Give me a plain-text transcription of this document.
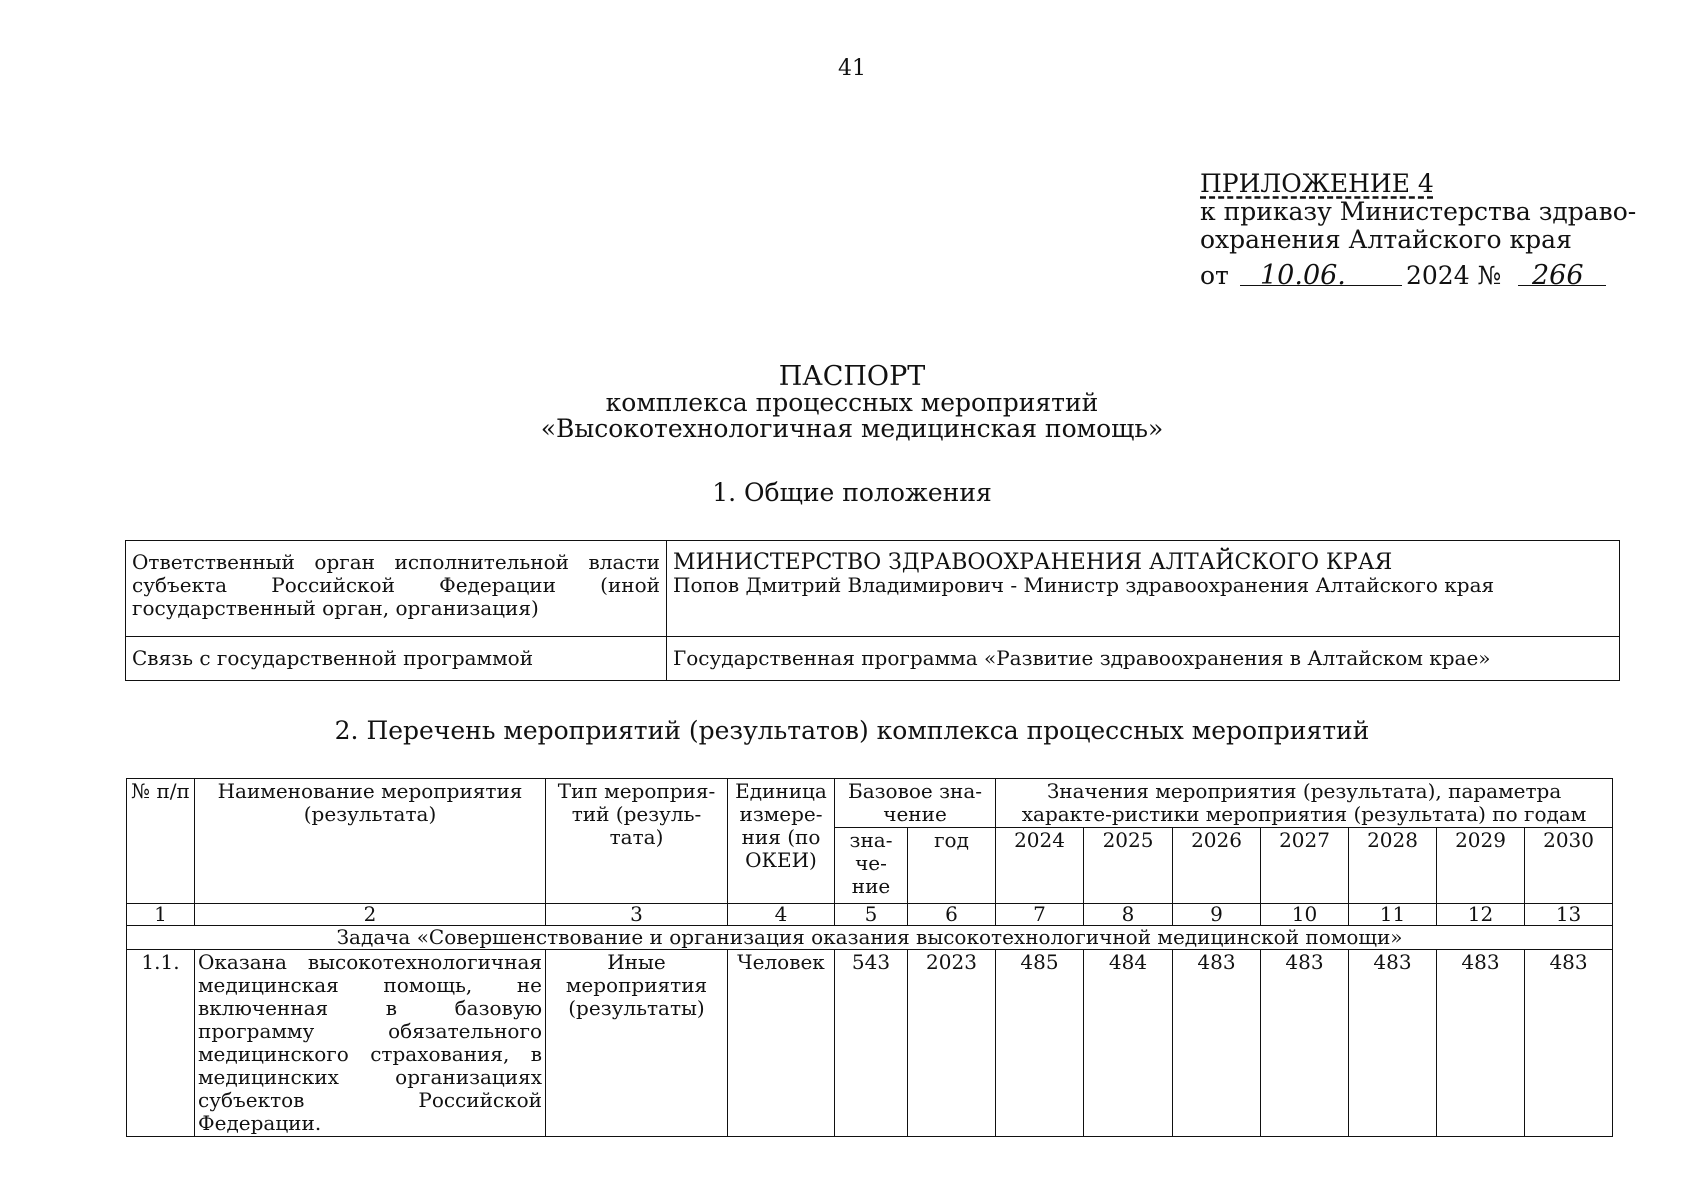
41
ПРИЛОЖЕНИЕ 4
к приказу Министерства здраво-
охранения Алтайского края
от 10.06. 2024 № 266
ПАСПОРТ
комплекса процессных мероприятий
«Высокотехнологичная медицинская помощь»
1. Общие положения
Ответственный орган исполнительной власти субъекта Российской Федерации (иной государственный орган, организация)	МИНИСТЕРСТВО ЗДРАВООХРАНЕНИЯ АЛТАЙСКОГО КРАЯ
Попов Дмитрий Владимирович - Министр здравоохранения Алтайского края

Связь с государственной программой	Государственная программа «Развитие здравоохранения в Алтайском крае»
2. Перечень мероприятий (результатов) комплекса процессных мероприятий
№ п/п	Наименование мероприятия (результата)	Тип мероприя-тий (резуль-тата)	Единица измере-ния (по ОКЕИ)	Базовое зна-чение		Значения мероприятия (результата), параметра характе-ристики мероприятия (результата) по годам						
				зна-че-ние	год	2024	2025	2026	2027	2028	2029	2030
1	2	3	4	5	6	7	8	9	10	11	12	13
Задача «Совершенствование и организация оказания высокотехнологичной медицинской помощи»												
1.1.	Оказана высокотехнологичная медицинская помощь, не включенная в базовую программу обязательного медицинского страхования, в медицинских организациях субъектов Российской Федерации.	Иные мероприятия (результаты)	Человек	543	2023	485	484	483	483	483	483	483
